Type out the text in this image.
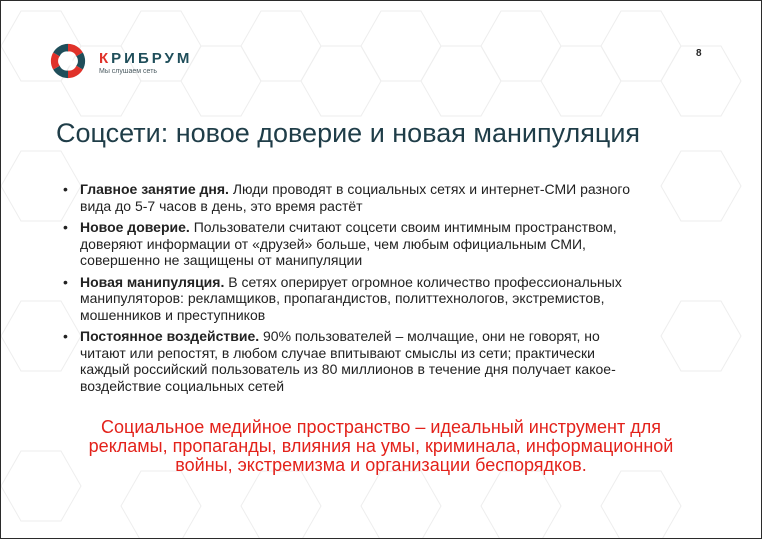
КРИБРУМ
Мы слушаем сеть
8
Соцсети: новое доверие и новая манипуляция
• Главное занятие дня. Люди проводят в социальных сетях и интернет-СМИ разного
вида до 5-7 часов в день, это время растёт
• Новое доверие. Пользователи считают соцсети своим интимным пространством,
доверяют информации от «друзей» больше, чем любым официальным СМИ,
совершенно не защищены от манипуляции
• Новая манипуляция. В сетях оперирует огромное количество профессиональных
манипуляторов: рекламщиков, пропагандистов, политтехнологов, экстремистов,
мошенников и преступников
• Постоянное воздействие. 90% пользователей – молчащие, они не говорят, но
читают или репостят, в любом случае впитывают смыслы из сети; практически
каждый российский пользователь из 80 миллионов в течение дня получает какое-
воздействие социальных сетей
Социальное медийное пространство – идеальный инструмент для
рекламы, пропаганды, влияния на умы, криминала, информационной
войны, экстремизма и организации беспорядков.
